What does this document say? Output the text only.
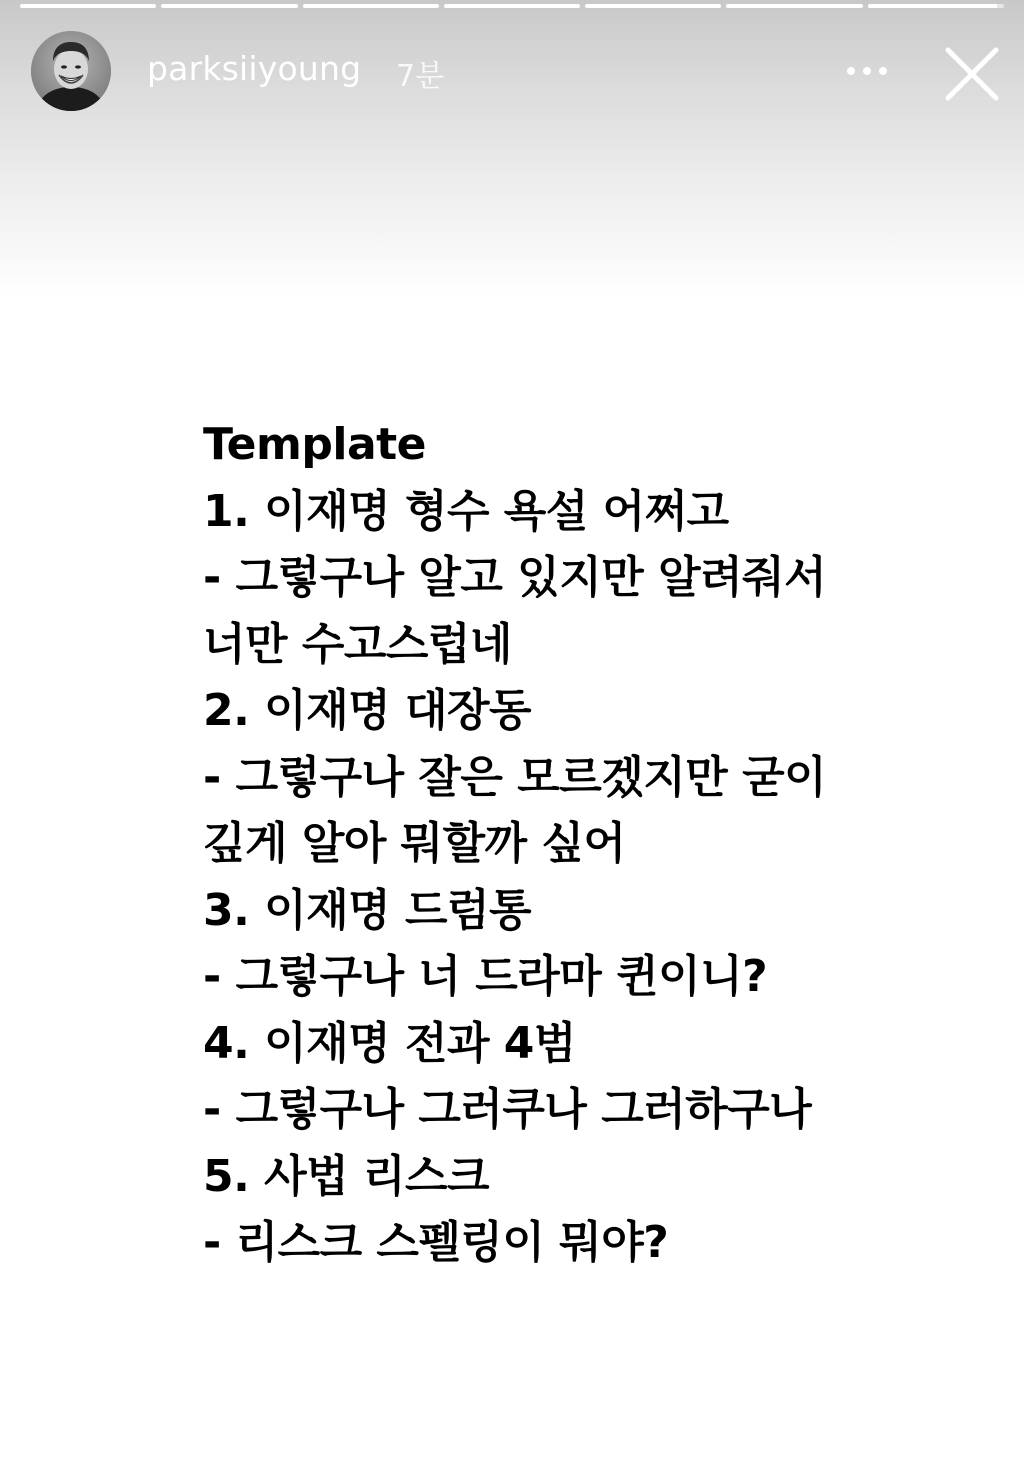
parksiiyoung 7분
Template
1. 이재명 형수 욕설 어쩌고
- 그렇구나 알고 있지만 알려줘서
너만 수고스럽네
2. 이재명 대장동
- 그렇구나 잘은 모르겠지만 굳이
깊게 알아 뭐할까 싶어
3. 이재명 드럼통
- 그렇구나 너 드라마 퀸이니?
4. 이재명 전과 4범
- 그렇구나 그러쿠나 그러하구나
5. 사법 리스크
- 리스크 스펠링이 뭐야?
